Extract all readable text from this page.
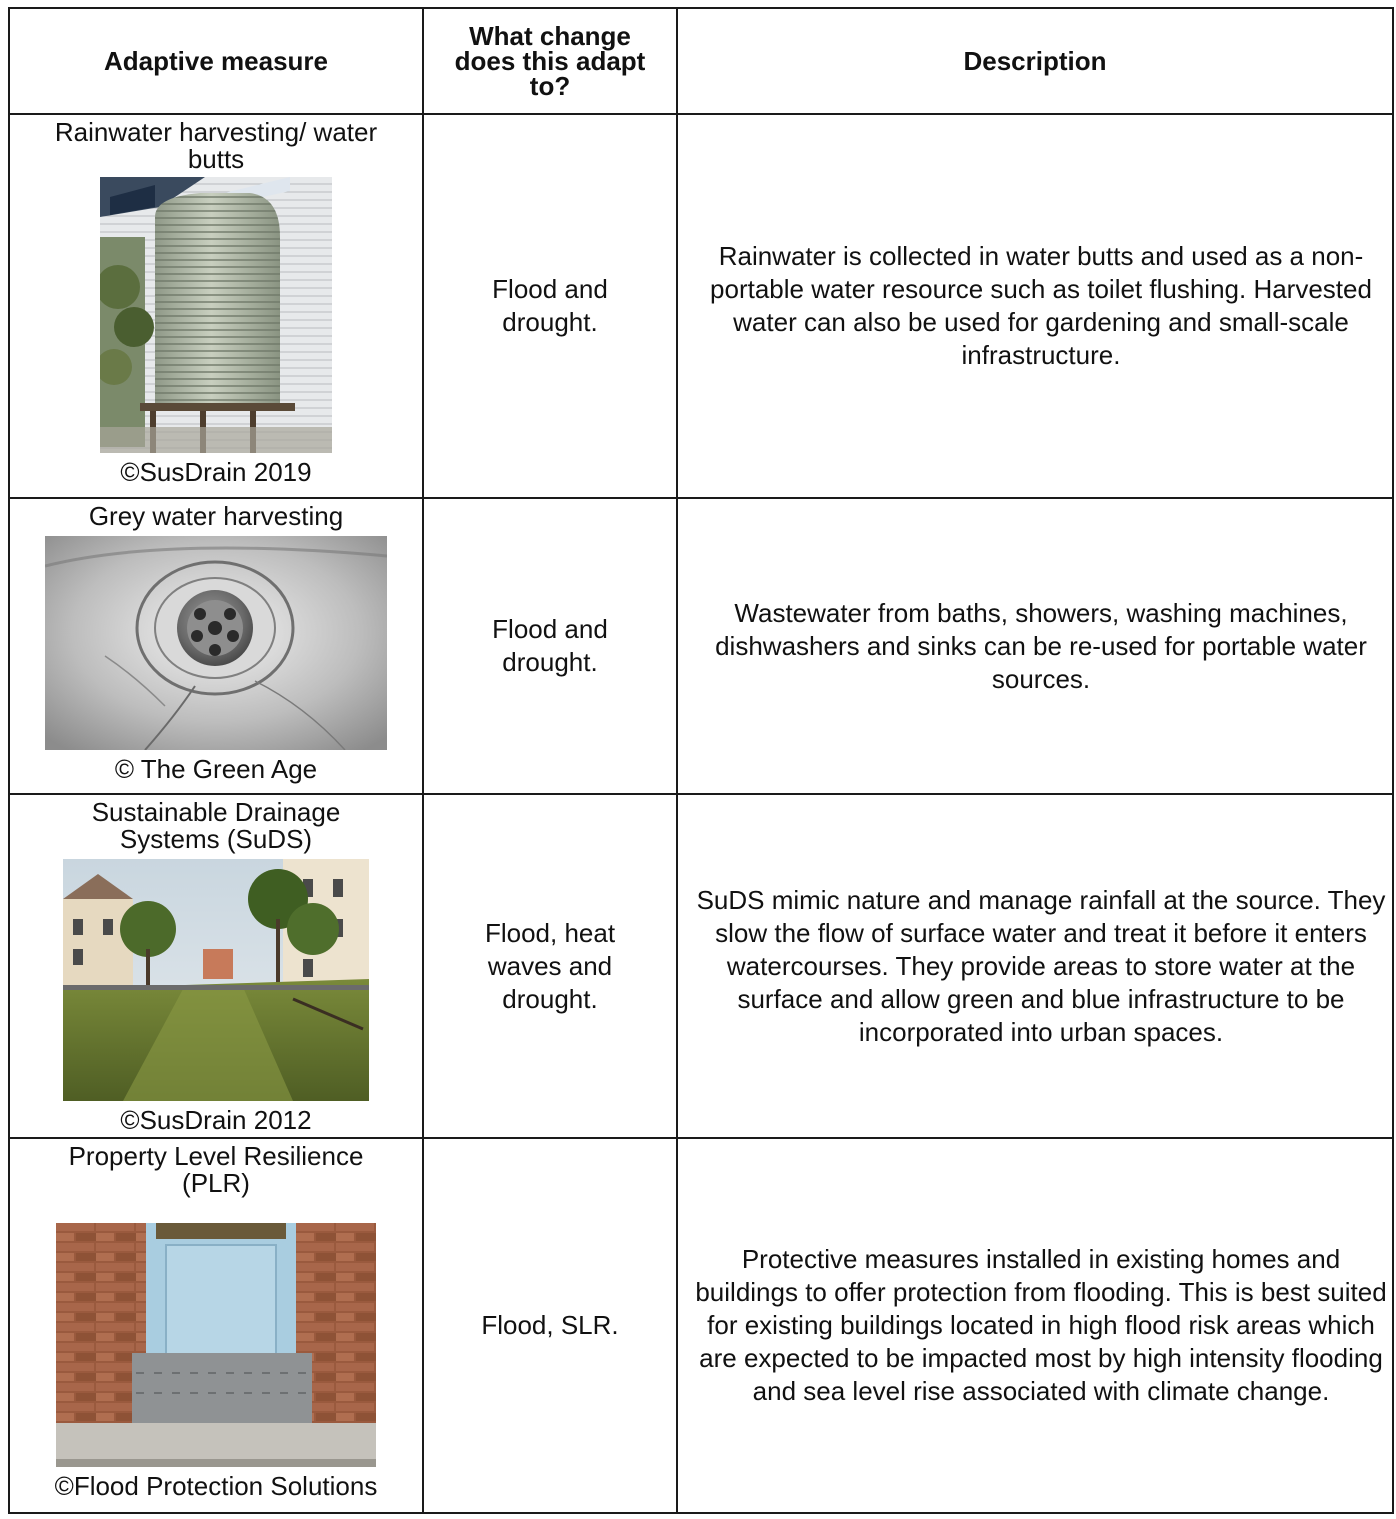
Adaptive measure	What change does this adapt to?	Description

Rainwater harvesting/ water butts
©SusDrain 2019	Flood and drought.	Rainwater is collected in water butts and used as a non-portable water resource such as toilet flushing. Harvested water can also be used for gardening and small-scale infrastructure.

Grey water harvesting
© The Green Age	Flood and drought.	Wastewater from baths, showers, washing machines, dishwashers and sinks can be re-used for portable water sources.

Sustainable Drainage Systems (SuDS)
©SusDrain 2012	Flood, heat waves and drought.	SuDS mimic nature and manage rainfall at the source. They slow the flow of surface water and treat it before it enters watercourses. They provide areas to store water at the surface and allow green and blue infrastructure to be incorporated into urban spaces.

Property Level Resilience (PLR)
©Flood Protection Solutions	Flood, SLR.	Protective measures installed in existing homes and buildings to offer protection from flooding. This is best suited for existing buildings located in high flood risk areas which are expected to be impacted most by high intensity flooding and sea level rise associated with climate change.
